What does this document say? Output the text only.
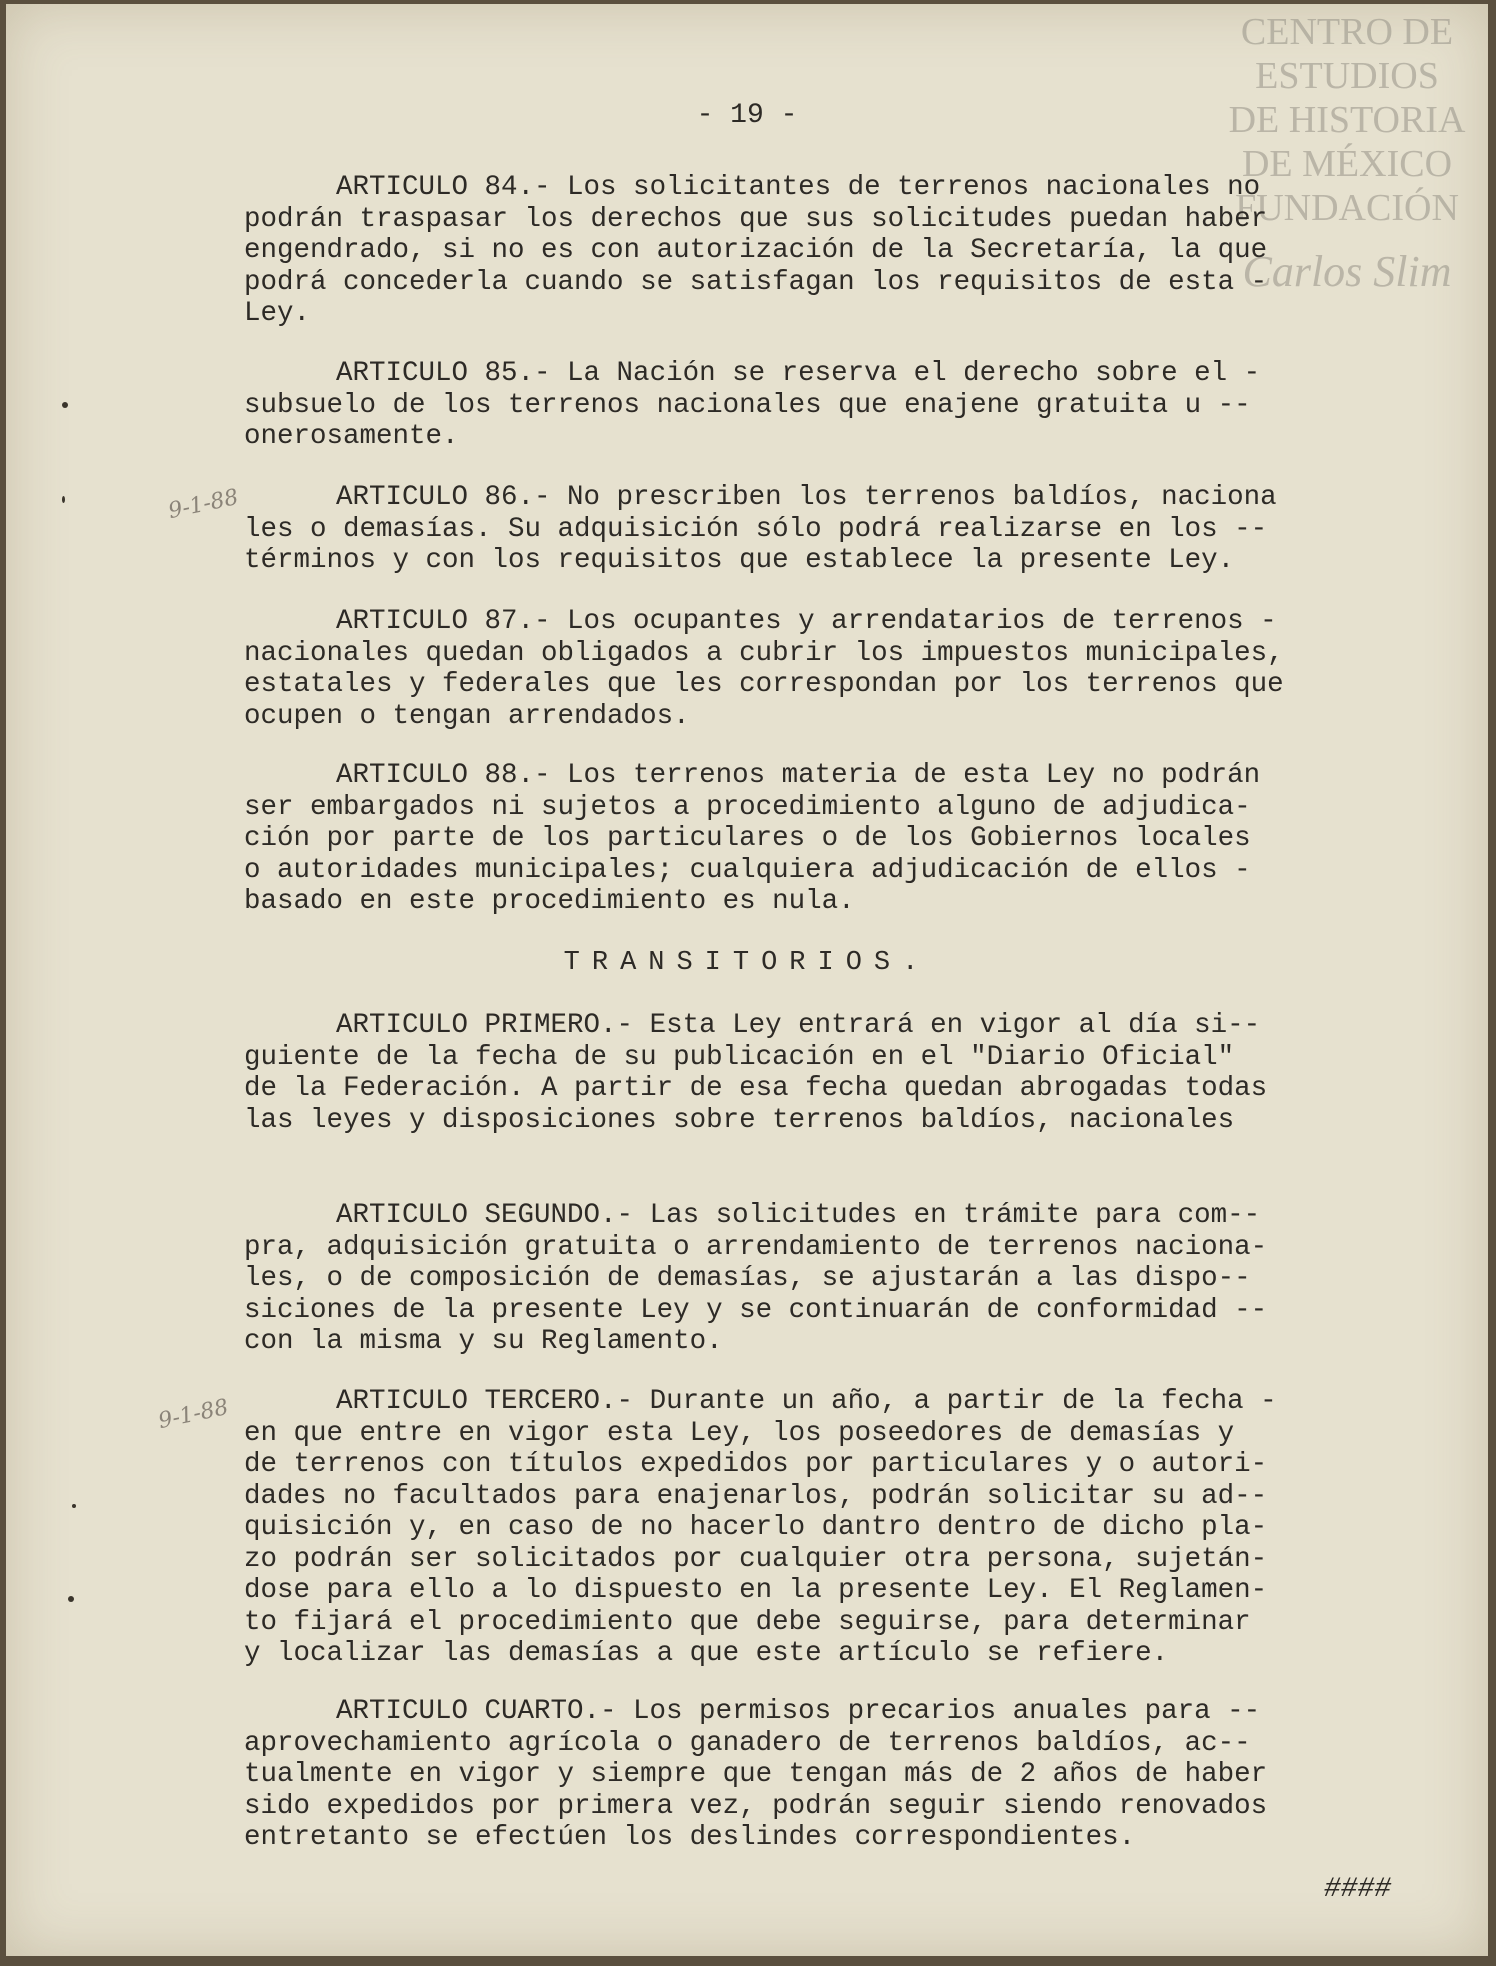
CENTRO DE
ESTUDIOS
DE HISTORIA
DE MÉXICO
FUNDACIÓN
Carlos Slim
- 19 -

ARTICULO 84.- Los solicitantes de terrenos nacionales no
podrán traspasar los derechos que sus solicitudes puedan haber
engendrado, si no es con autorización de la Secretaría, la que
podrá concederla cuando se satisfagan los requisitos de esta -
Ley.

ARTICULO 85.- La Nación se reserva el derecho sobre el -
subsuelo de los terrenos nacionales que enajene gratuita u --
onerosamente.

ARTICULO 86.- No prescriben los terrenos baldíos, naciona
les o demasías. Su adquisición sólo podrá realizarse en los --
términos y con los requisitos que establece la presente Ley.

ARTICULO 87.- Los ocupantes y arrendatarios de terrenos -
nacionales quedan obligados a cubrir los impuestos municipales,
estatales y federales que les correspondan por los terrenos que
ocupen o tengan arrendados.

ARTICULO 88.- Los terrenos materia de esta Ley no podrán
ser embargados ni sujetos a procedimiento alguno de adjudica-
ción por parte de los particulares o de los Gobiernos locales
o autoridades municipales; cualquiera adjudicación de ellos -
basado en este procedimiento es nula.

TRANSITORIOS.

ARTICULO PRIMERO.- Esta Ley entrará en vigor al día si--
guiente de la fecha de su publicación en el "Diario Oficial"
de la Federación. A partir de esa fecha quedan abrogadas todas
las leyes y disposiciones sobre terrenos baldíos, nacionales

ARTICULO SEGUNDO.- Las solicitudes en trámite para com--
pra, adquisición gratuita o arrendamiento de terrenos naciona-
les, o de composición de demasías, se ajustarán a las dispo--
siciones de la presente Ley y se continuarán de conformidad --
con la misma y su Reglamento.

ARTICULO TERCERO.- Durante un año, a partir de la fecha -
en que entre en vigor esta Ley, los poseedores de demasías y
de terrenos con títulos expedidos por particulares y o autori-
dades no facultados para enajenarlos, podrán solicitar su ad--
quisición y, en caso de no hacerlo dantro dentro de dicho pla-
zo podrán ser solicitados por cualquier otra persona, sujetán-
dose para ello a lo dispuesto en la presente Ley. El Reglamen-
to fijará el procedimiento que debe seguirse, para determinar
y localizar las demasías a que este artículo se refiere.

ARTICULO CUARTO.- Los permisos precarios anuales para --
aprovechamiento agrícola o ganadero de terrenos baldíos, ac--
tualmente en vigor y siempre que tengan más de 2 años de haber
sido expedidos por primera vez, podrán seguir siendo renovados
entretanto se efectúen los deslindes correspondientes.

####
9-1-88
9-1-88
